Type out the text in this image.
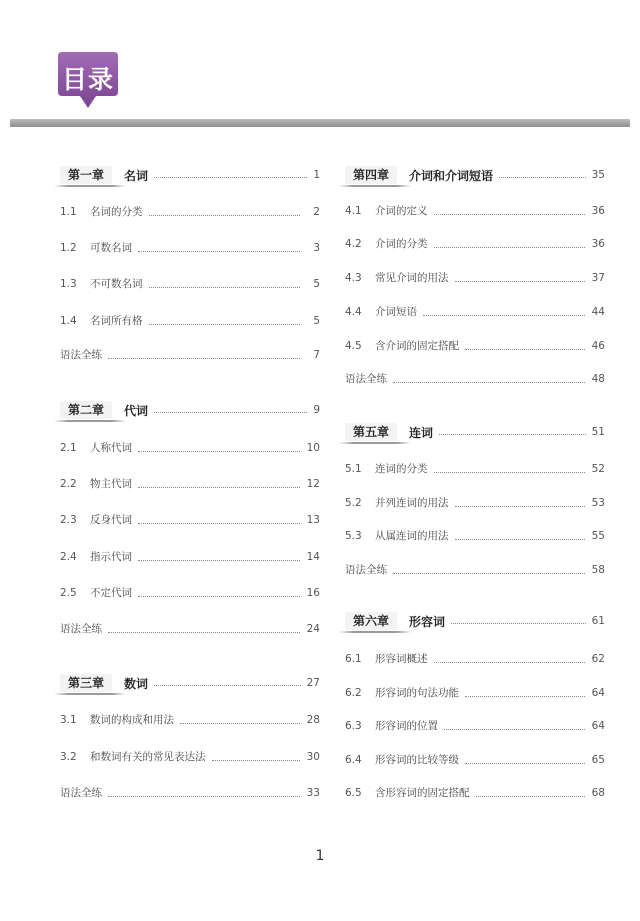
目录
第一章	名词	1
1.1	名词的分类	2
1.2	可数名词	3
1.3	不可数名词	5
1.4	名词所有格	5
语法全练	7
第二章	代词	9
2.1	人称代词	10
2.2	物主代词	12
2.3	反身代词	13
2.4	指示代词	14
2.5	不定代词	16
语法全练	24
第三章	数词	27
3.1	数词的构成和用法	28
3.2	和数词有关的常见表达法	30
语法全练	33
第四章	介词和介词短语	35
4.1	介词的定义	36
4.2	介词的分类	36
4.3	常见介词的用法	37
4.4	介词短语	44
4.5	含介词的固定搭配	46
语法全练	48
第五章	连词	51
5.1	连词的分类	52
5.2	并列连词的用法	53
5.3	从属连词的用法	55
语法全练	58
第六章	形容词	61
6.1	形容词概述	62
6.2	形容词的句法功能	64
6.3	形容词的位置	64
6.4	形容词的比较等级	65
6.5	含形容词的固定搭配	68
1
